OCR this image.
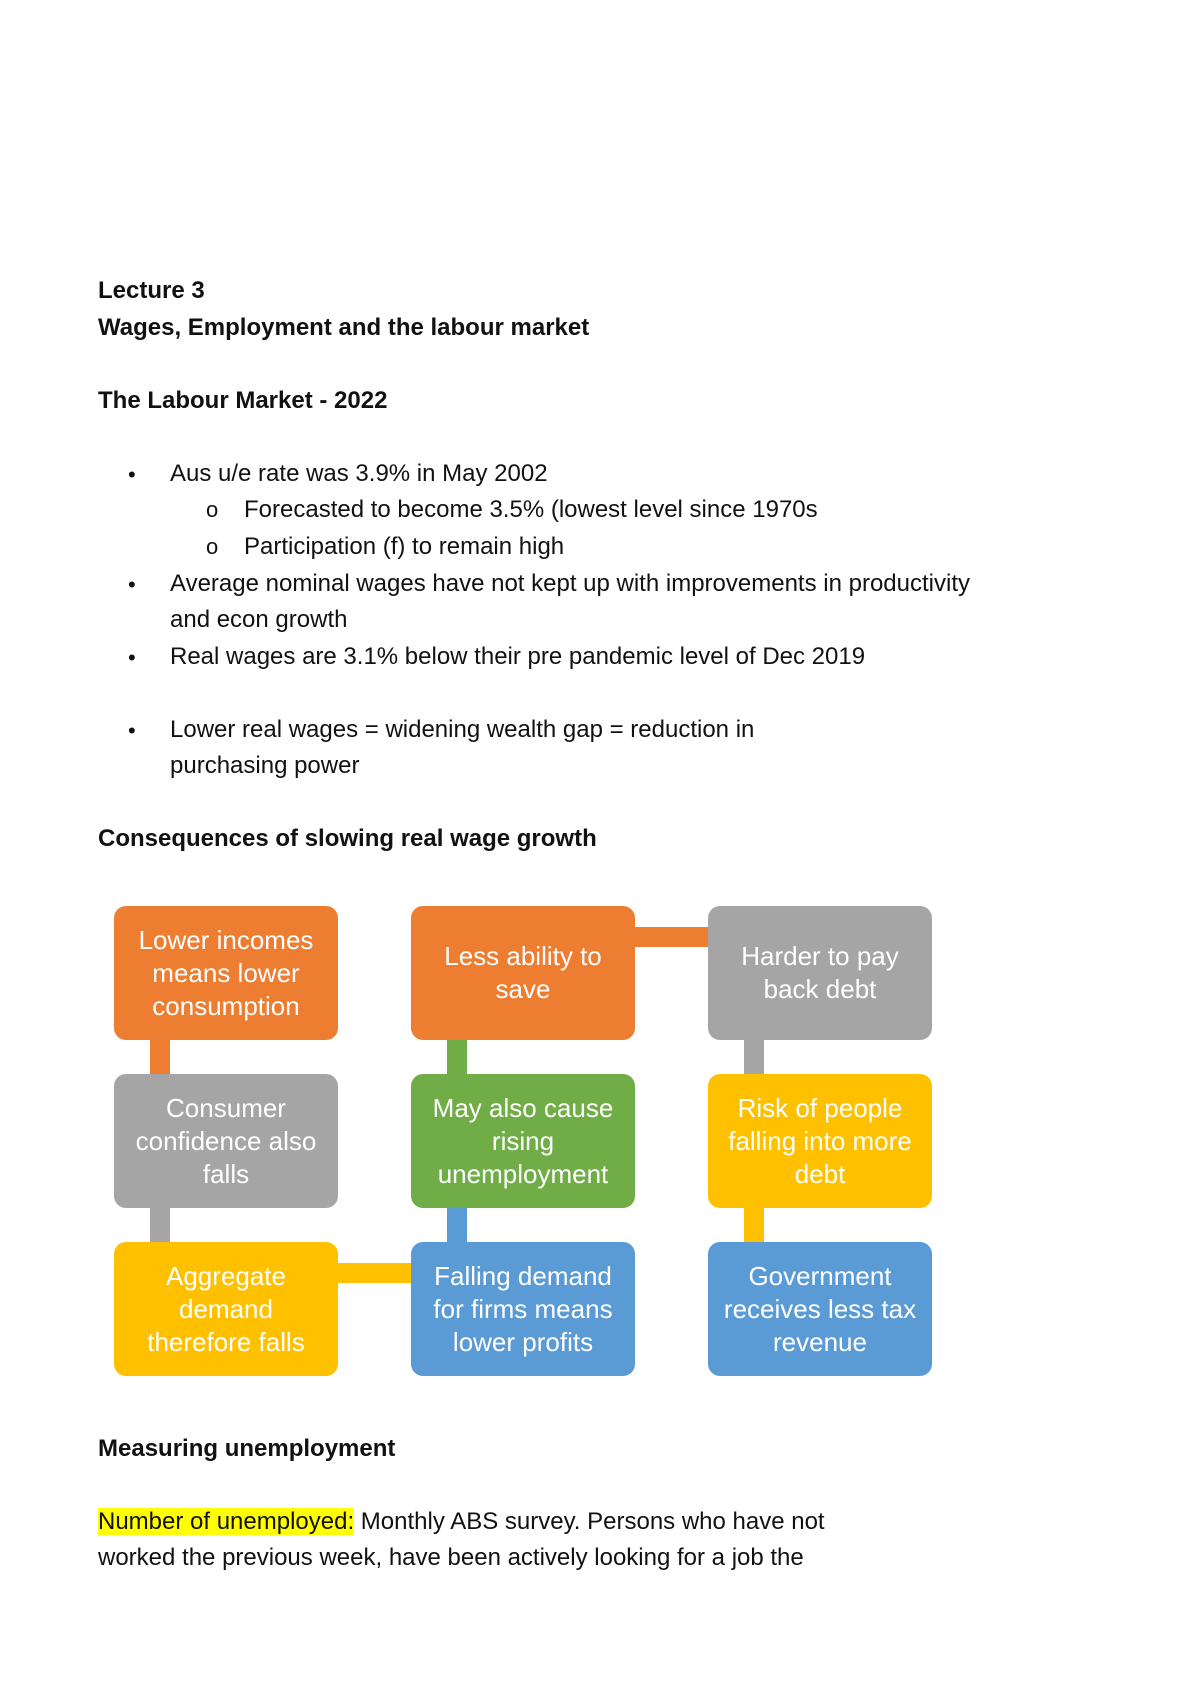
Lecture 3
Wages, Employment and the labour market
The Labour Market - 2022
• Aus u/e rate was 3.9% in May 2002
o Forecasted to become 3.5% (lowest level since 1970s
o Participation (f) to remain high
• Average nominal wages have not kept up with improvements in productivity and econ growth
• Real wages are 3.1% below their pre pandemic level of Dec 2019
• Lower real wages = widening wealth gap = reduction in purchasing power
Consequences of slowing real wage growth
Lower incomes means lower consumption
Consumer confidence also falls
Aggregate demand therefore falls
Falling demand for firms means lower profits
May also cause rising unemployment
Less ability to save
Harder to pay back debt
Risk of people falling into more debt
Government receives less tax revenue
Measuring unemployment
Number of unemployed: Monthly ABS survey. Persons who have not
worked the previous week, have been actively looking for a job the
